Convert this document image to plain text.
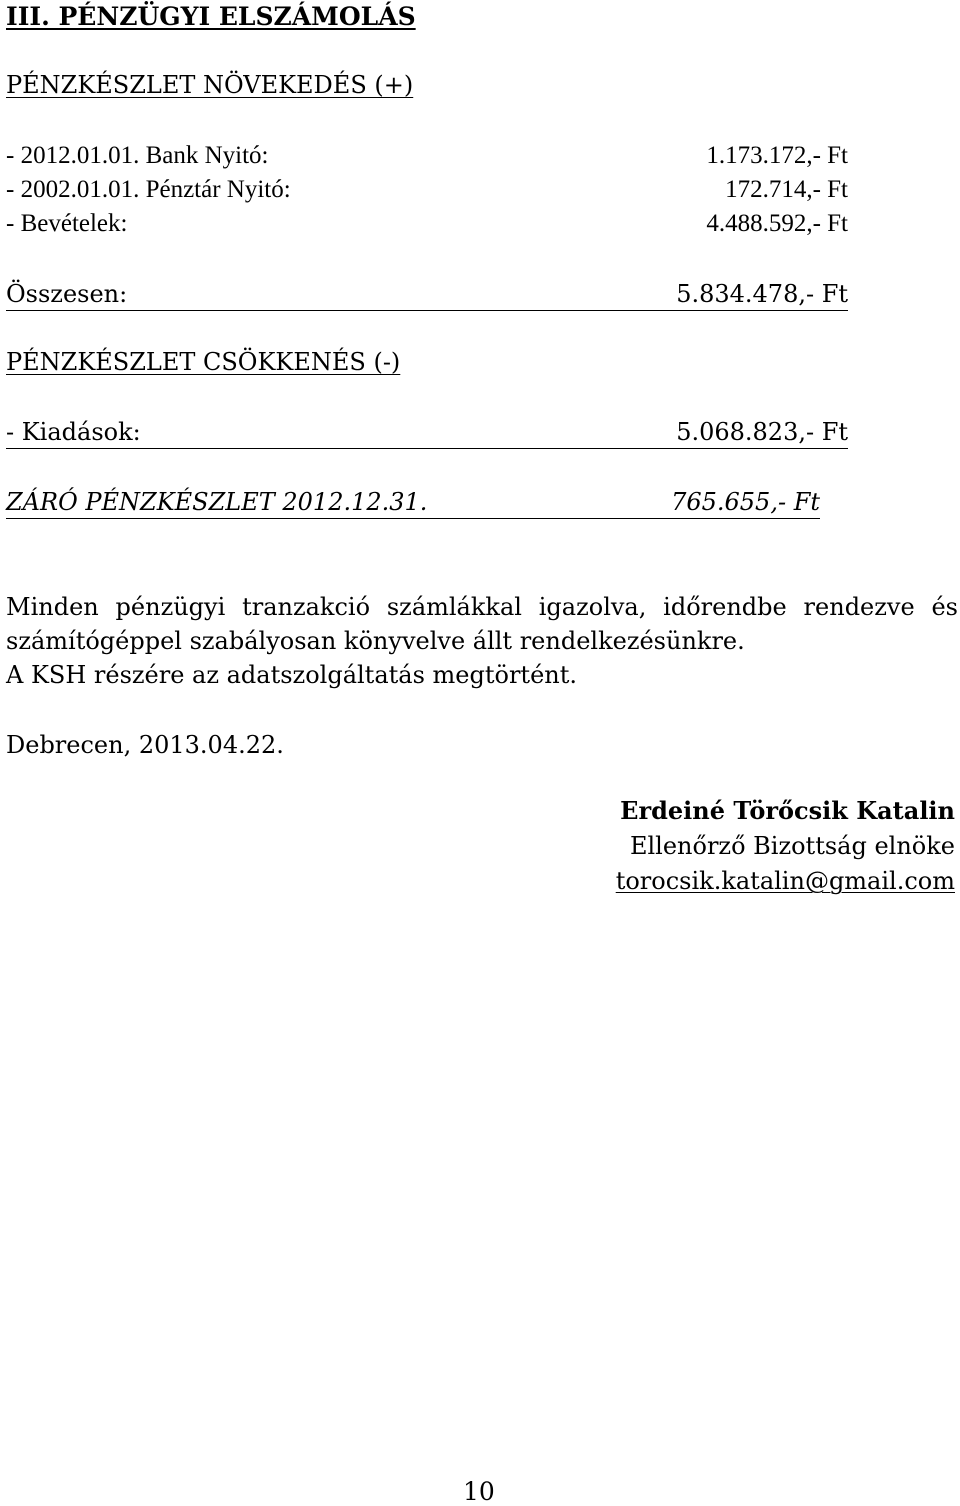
III. PÉNZÜGYI ELSZÁMOLÁS
PÉNZKÉSZLET NÖVEKEDÉS (+)
- 2012.01.01. Bank Nyitó:	1.173.172,- Ft
- 2002.01.01. Pénztár Nyitó:	172.714,- Ft
- Bevételek:	4.488.592,- Ft
Összesen:	5.834.478,- Ft
PÉNZKÉSZLET CSÖKKENÉS (-)
- Kiadások:	5.068.823,- Ft
ZÁRÓ PÉNZKÉSZLET 2012.12.31.	765.655,- Ft
Minden pénzügyi tranzakció számlákkal igazolva, időrendbe rendezve és
számítógéppel szabályosan könyvelve állt rendelkezésünkre.
A KSH részére az adatszolgáltatás megtörtént.
Debrecen, 2013.04.22.
Erdeiné Törőcsik Katalin
Ellenőrző Bizottság elnöke
torocsik.katalin@gmail.com
10
